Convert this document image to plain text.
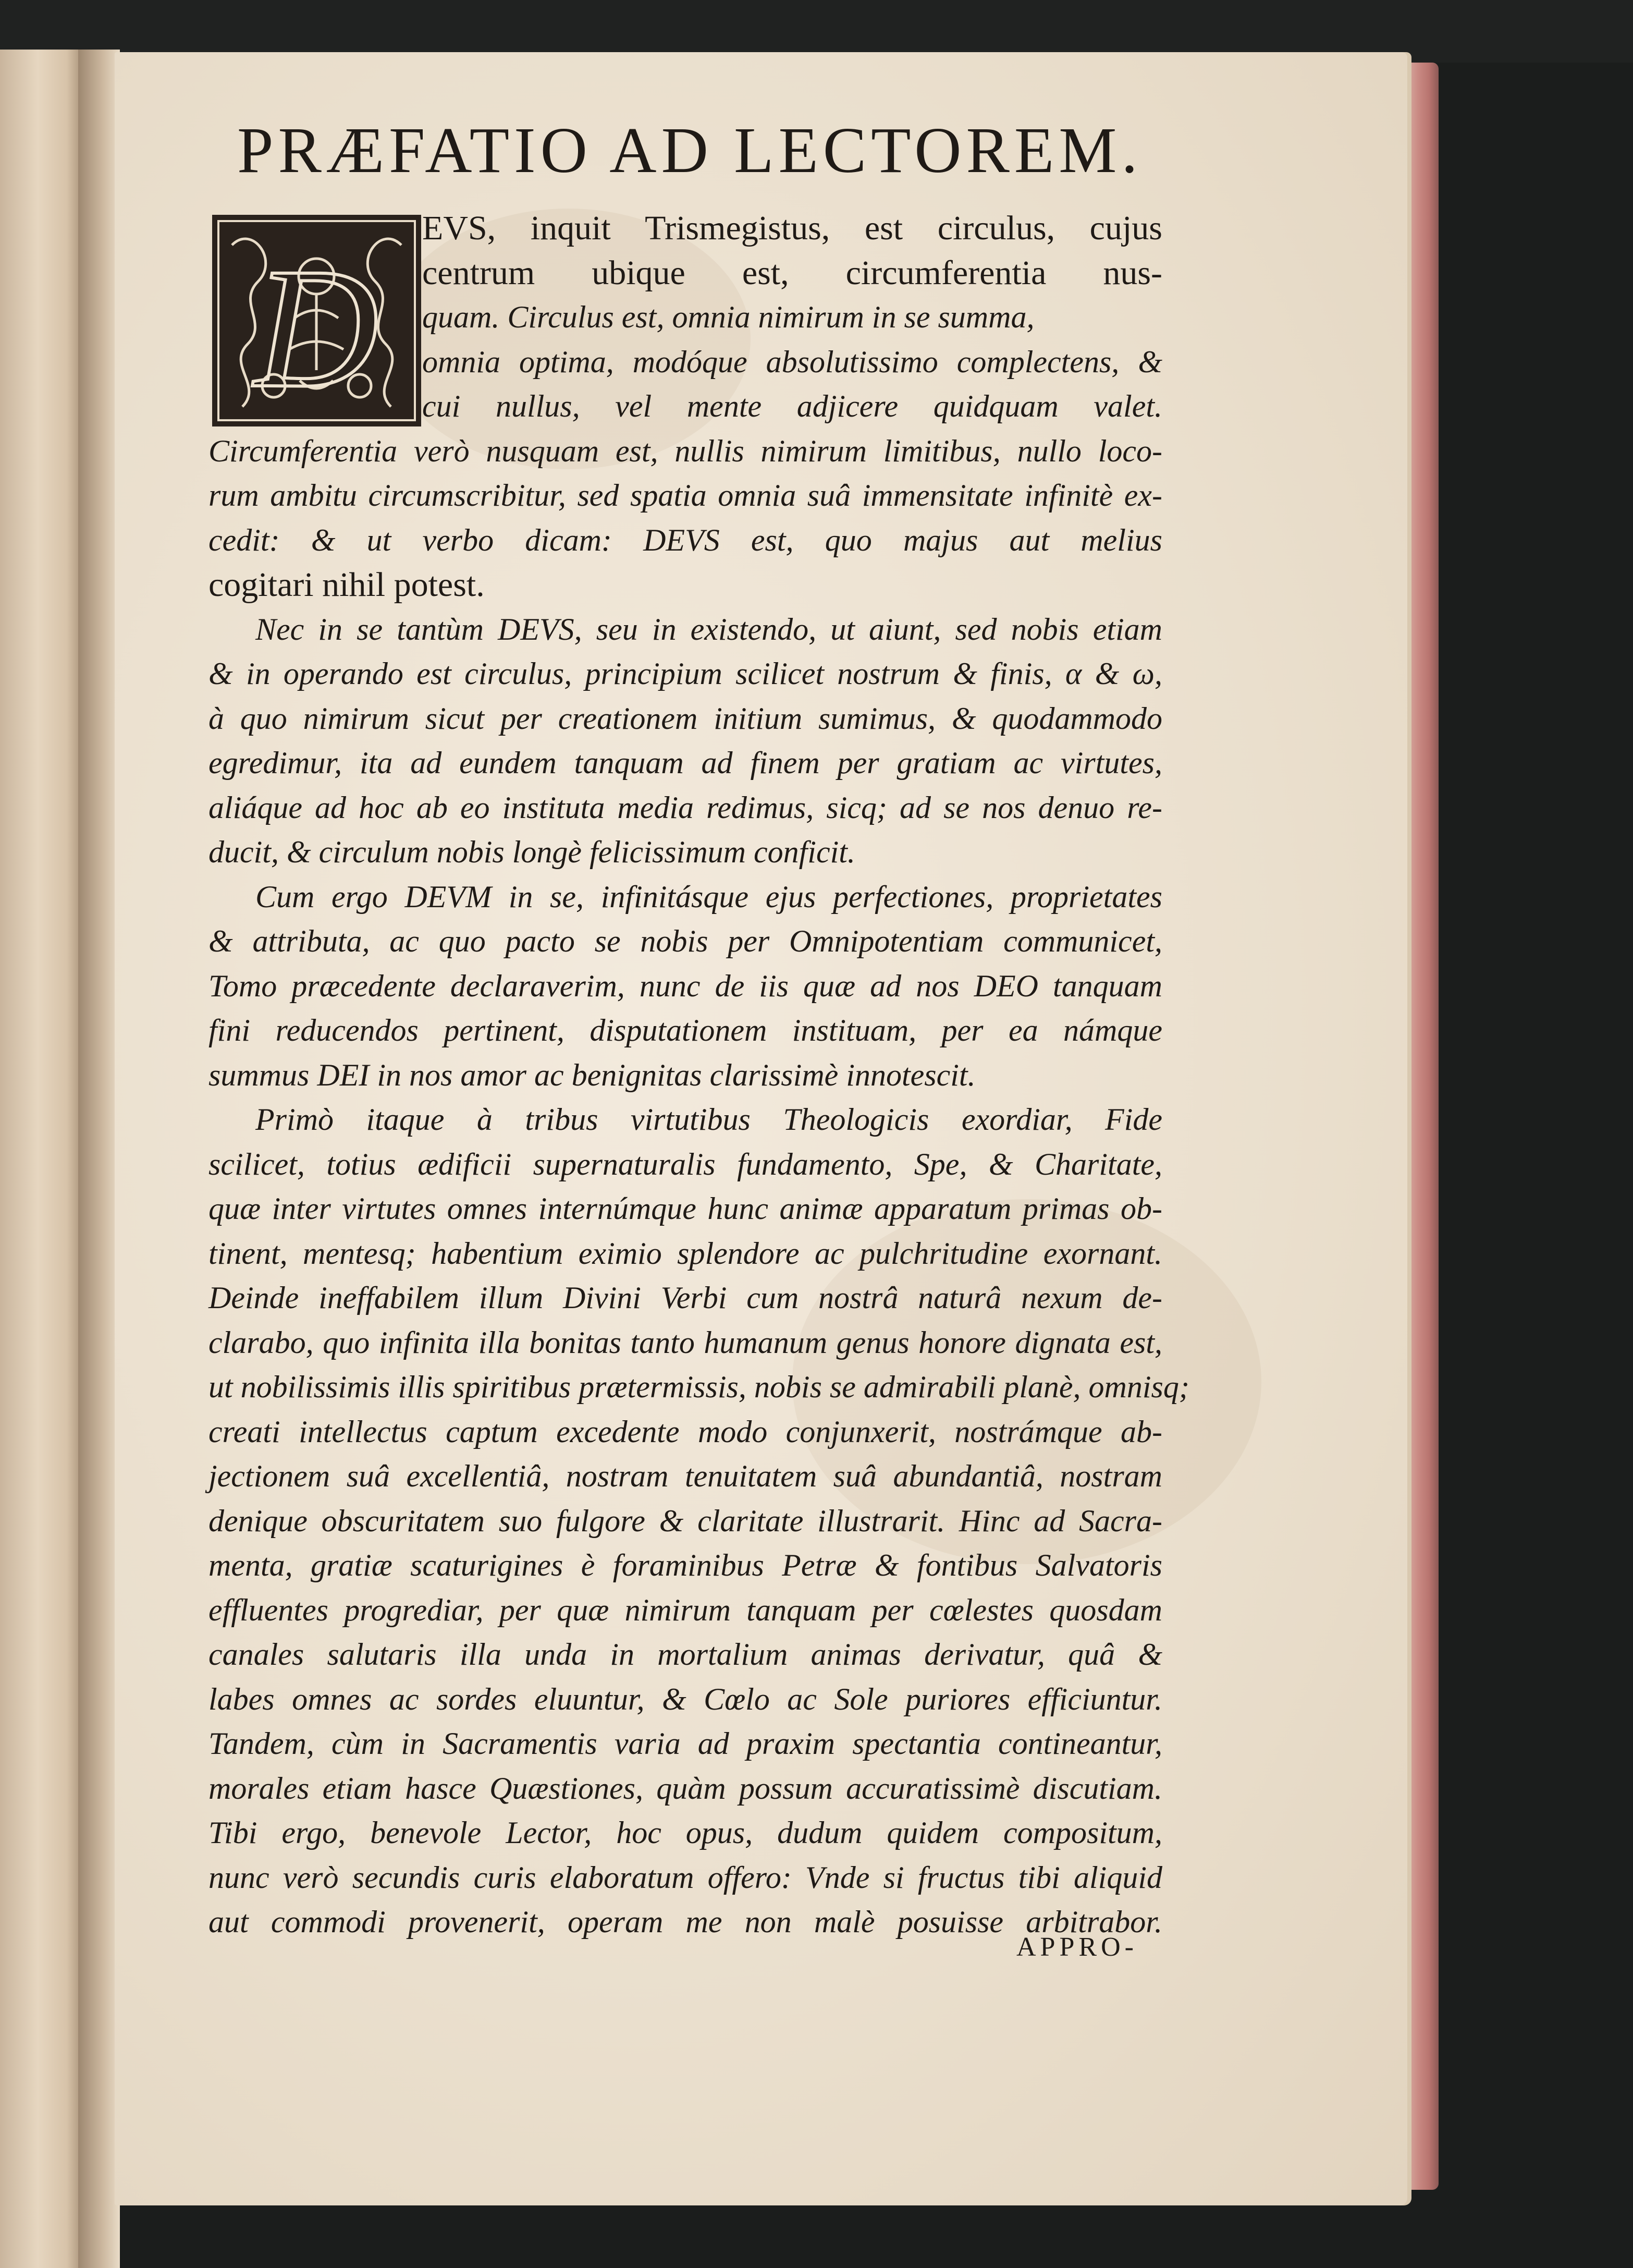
PRÆFATIO AD LECTOREM.
D
EVS, inquit Trismegistus, est circulus, cujus
centrum ubique est, circumferentia nus-
quam. Circulus est, omnia nimirum in se summa,
omnia optima, modóque absolutissimo complectens, &
cui nullus, vel mente adjicere quidquam valet.
Circumferentia verò nusquam est, nullis nimirum limitibus, nullo loco-
rum ambitu circumscribitur, sed spatia omnia suâ immensitate infinitè ex-
cedit: & ut verbo dicam: DEVS est, quo majus aut melius
cogitari nihil potest.
Nec in se tantùm DEVS, seu in existendo, ut aiunt, sed nobis etiam
& in operando est circulus, principium scilicet nostrum & finis, α & ω,
à quo nimirum sicut per creationem initium sumimus, & quodammodo
egredimur, ita ad eundem tanquam ad finem per gratiam ac virtutes,
aliáque ad hoc ab eo instituta media redimus, sicq; ad se nos denuo re-
ducit, & circulum nobis longè felicissimum conficit.
Cum ergo DEVM in se, infinitásque ejus perfectiones, proprietates
& attributa, ac quo pacto se nobis per Omnipotentiam communicet,
Tomo præcedente declaraverim, nunc de iis quæ ad nos DEO tanquam
fini reducendos pertinent, disputationem instituam, per ea námque
summus DEI in nos amor ac benignitas clarissimè innotescit.
Primò itaque à tribus virtutibus Theologicis exordiar, Fide
scilicet, totius ædificii supernaturalis fundamento, Spe, & Charitate,
quæ inter virtutes omnes internúmque hunc animæ apparatum primas ob-
tinent, mentesq; habentium eximio splendore ac pulchritudine exornant.
Deinde ineffabilem illum Divini Verbi cum nostrâ naturâ nexum de-
clarabo, quo infinita illa bonitas tanto humanum genus honore dignata est,
ut nobilissimis illis spiritibus prætermissis, nobis se admirabili planè, omnisq;
creati intellectus captum excedente modo conjunxerit, nostrámque ab-
jectionem suâ excellentiâ, nostram tenuitatem suâ abundantiâ, nostram
denique obscuritatem suo fulgore & claritate illustrarit. Hinc ad Sacra-
menta, gratiæ scaturigines è foraminibus Petræ & fontibus Salvatoris
effluentes progrediar, per quæ nimirum tanquam per cœlestes quosdam
canales salutaris illa unda in mortalium animas derivatur, quâ &
labes omnes ac sordes eluuntur, & Cœlo ac Sole puriores efficiuntur.
Tandem, cùm in Sacramentis varia ad praxim spectantia contineantur,
morales etiam hasce Quæstiones, quàm possum accuratissimè discutiam.
Tibi ergo, benevole Lector, hoc opus, dudum quidem compositum,
nunc verò secundis curis elaboratum offero: Vnde si fructus tibi aliquid
aut commodi provenerit, operam me non malè posuisse arbitrabor.
APPRO-
